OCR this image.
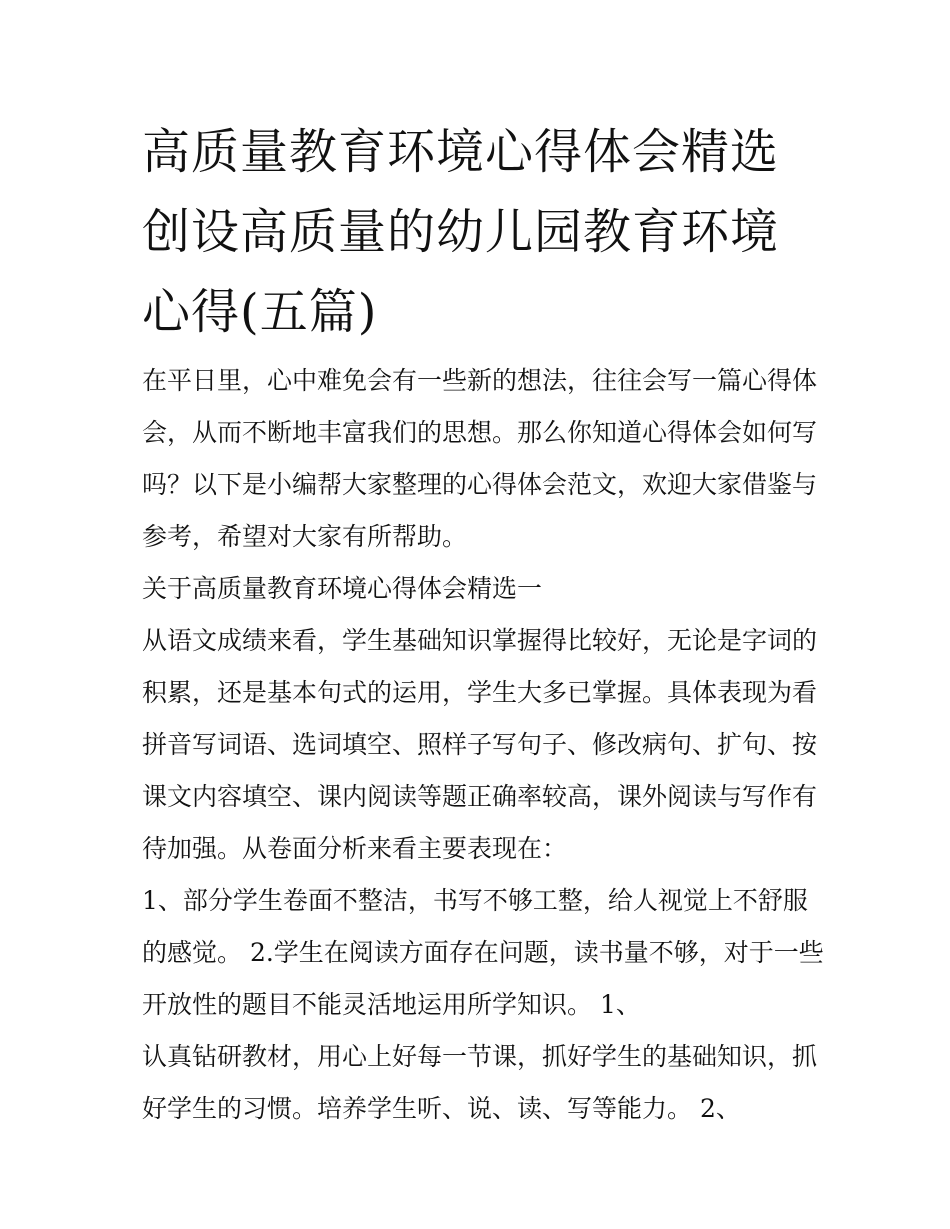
高质量教育环境心得体会精选
创设高质量的幼儿园教育环境
心得(五篇)
在平日里，心中难免会有一些新的想法，往往会写一篇心得体
会，从而不断地丰富我们的思想。那么你知道心得体会如何写
吗？以下是小编帮大家整理的心得体会范文，欢迎大家借鉴与
参考，希望对大家有所帮助。
关于高质量教育环境心得体会精选一
从语文成绩来看，学生基础知识掌握得比较好，无论是字词的
积累，还是基本句式的运用，学生大多已掌握。具体表现为看
拼音写词语、选词填空、照样子写句子、修改病句、扩句、按
课文内容填空、课内阅读等题正确率较高，课外阅读与写作有
待加强。从卷面分析来看主要表现在：
1、部分学生卷面不整洁，书写不够工整，给人视觉上不舒服
的感觉。 2.学生在阅读方面存在问题，读书量不够，对于一些
开放性的题目不能灵活地运用所学知识。 1、
认真钻研教材，用心上好每一节课，抓好学生的基础知识，抓
好学生的习惯。培养学生听、说、读、写等能力。 2、
